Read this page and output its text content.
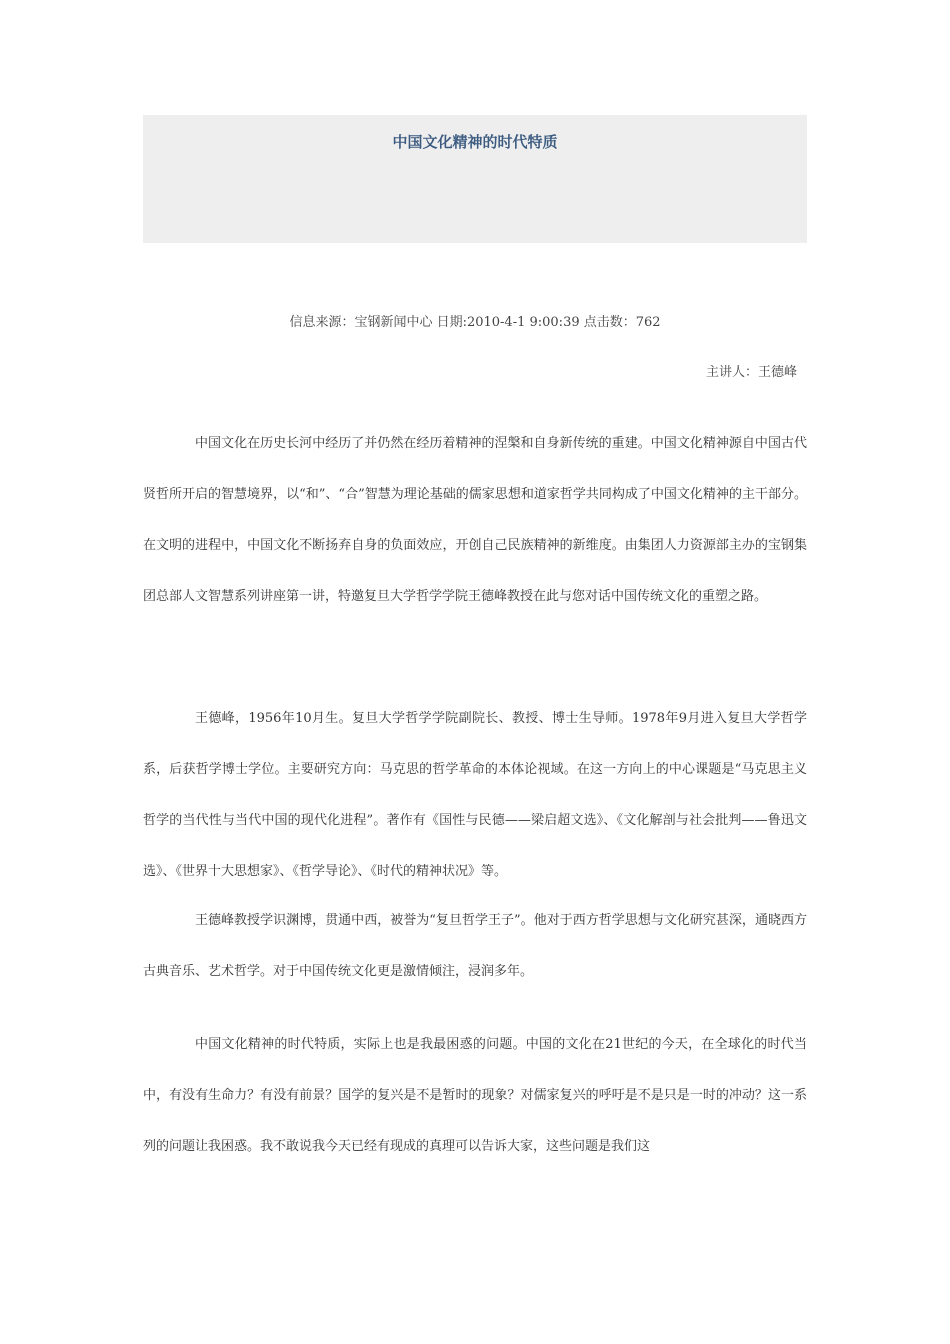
中国文化精神的时代特质
信息来源：宝钢新闻中心 日期:2010-4-1 9:00:39 点击数：762
主讲人：王德峰

中国文化在历史长河中经历了并仍然在经历着精神的涅槃和自身新传统的重建。中国文化精神源自中国古代贤哲所开启的智慧境界，以“和”、“合”智慧为理论基础的儒家思想和道家哲学共同构成了中国文化精神的主干部分。在文明的进程中，中国文化不断扬弃自身的负面效应，开创自己民族精神的新维度。由集团人力资源部主办的宝钢集团总部人文智慧系列讲座第一讲，特邀复旦大学哲学学院王德峰教授在此与您对话中国传统文化的重塑之路。

王德峰，1956年10月生。复旦大学哲学学院副院长、教授、博士生导师。1978年9月进入复旦大学哲学系，后获哲学博士学位。主要研究方向：马克思的哲学革命的本体论视域。在这一方向上的中心课题是“马克思主义哲学的当代性与当代中国的现代化进程”。著作有《国性与民德——梁启超文选》、《文化解剖与社会批判——鲁迅文选》、《世界十大思想家》、《哲学导论》、《时代的精神状况》等。

王德峰教授学识渊博，贯通中西，被誉为“复旦哲学王子”。他对于西方哲学思想与文化研究甚深，通晓西方古典音乐、艺术哲学。对于中国传统文化更是激情倾注，浸润多年。

中国文化精神的时代特质，实际上也是我最困惑的问题。中国的文化在21世纪的今天，在全球化的时代当中，有没有生命力？有没有前景？国学的复兴是不是暂时的现象？对儒家复兴的呼吁是不是只是一时的冲动？这一系列的问题让我困惑。我不敢说我今天已经有现成的真理可以告诉大家，这些问题是我们这
